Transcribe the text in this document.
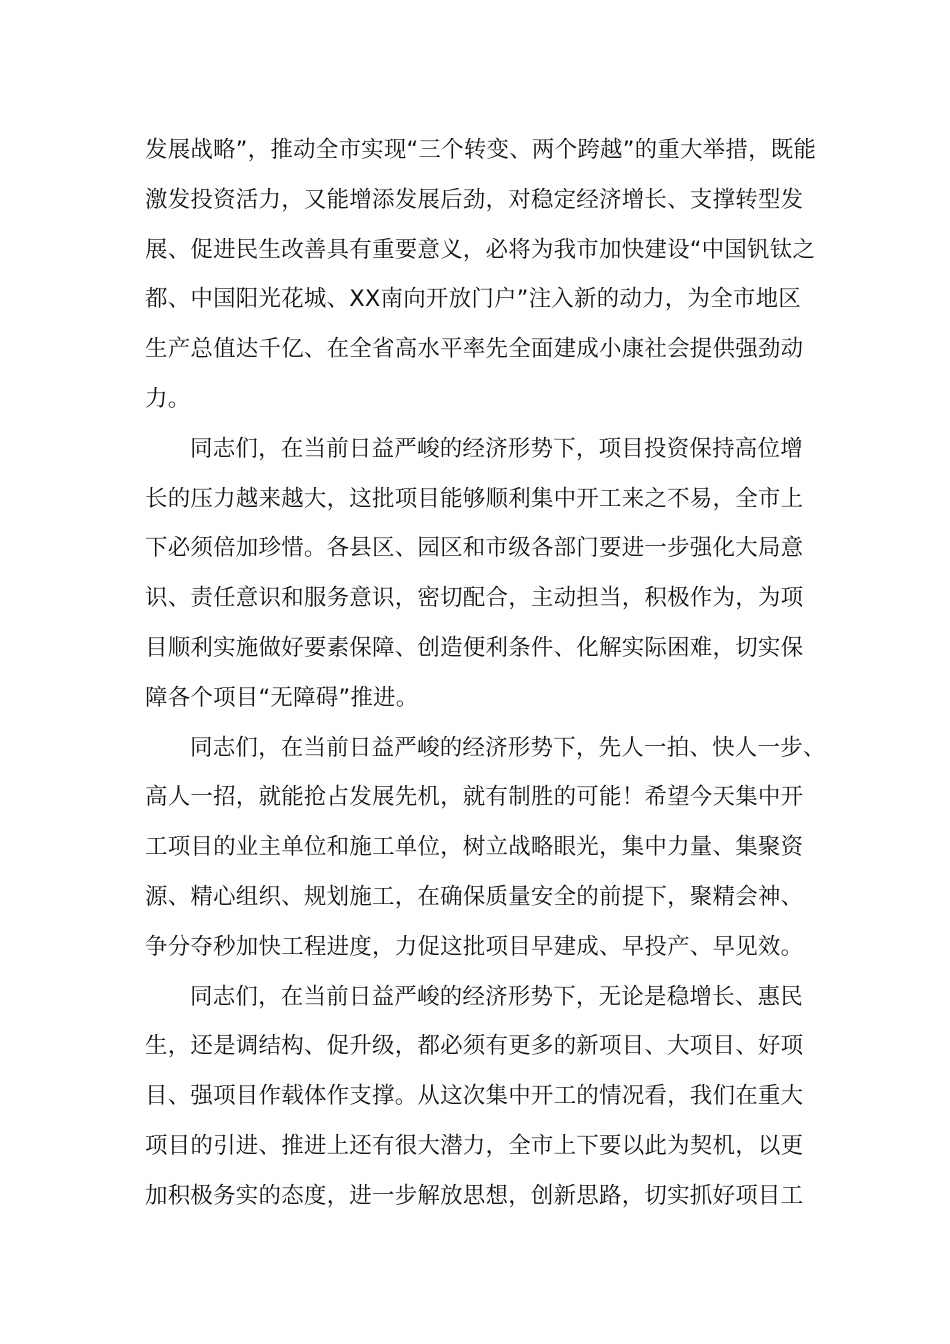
发展战略”，推动全市实现“三个转变、两个跨越”的重大举措，既能
激发投资活力，又能增添发展后劲，对稳定经济增长、支撑转型发
展、促进民生改善具有重要意义，必将为我市加快建设“中国钒钛之
都、中国阳光花城、XX南向开放门户”注入新的动力，为全市地区
生产总值达千亿、在全省高水平率先全面建成小康社会提供强劲动
力。
同志们，在当前日益严峻的经济形势下，项目投资保持高位增
长的压力越来越大，这批项目能够顺利集中开工来之不易，全市上
下必须倍加珍惜。各县区、园区和市级各部门要进一步强化大局意
识、责任意识和服务意识，密切配合，主动担当，积极作为，为项
目顺利实施做好要素保障、创造便利条件、化解实际困难，切实保
障各个项目“无障碍”推进。
同志们，在当前日益严峻的经济形势下，先人一拍、快人一步、
高人一招，就能抢占发展先机，就有制胜的可能！希望今天集中开
工项目的业主单位和施工单位，树立战略眼光，集中力量、集聚资
源、精心组织、规划施工，在确保质量安全的前提下，聚精会神、
争分夺秒加快工程进度，力促这批项目早建成、早投产、早见效。
同志们，在当前日益严峻的经济形势下，无论是稳增长、惠民
生，还是调结构、促升级，都必须有更多的新项目、大项目、好项
目、强项目作载体作支撑。从这次集中开工的情况看，我们在重大
项目的引进、推进上还有很大潜力，全市上下要以此为契机，以更
加积极务实的态度，进一步解放思想，创新思路，切实抓好项目工
